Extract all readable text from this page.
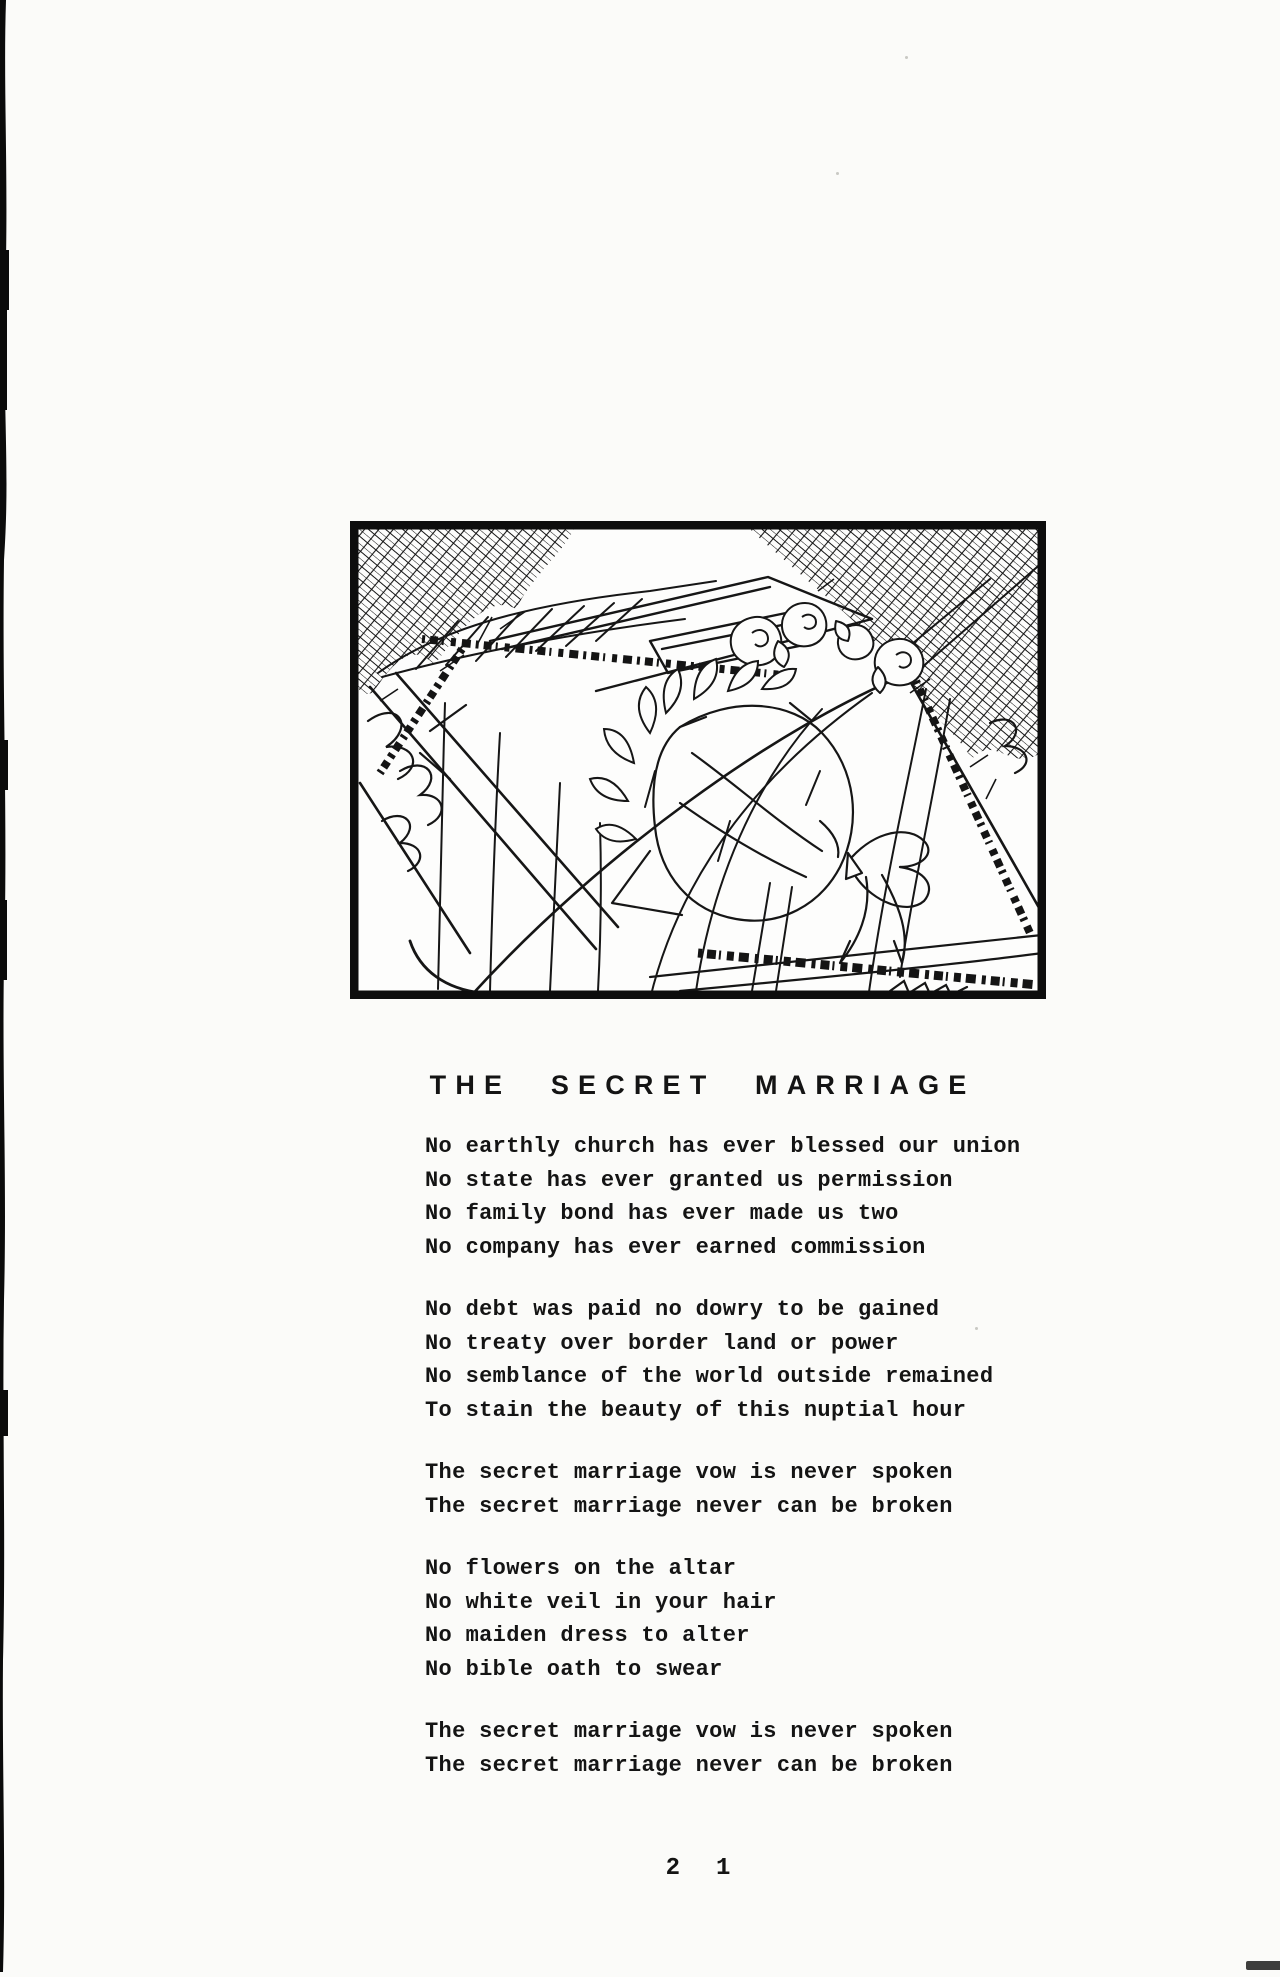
THE SECRET MARRIAGE

No earthly church has ever blessed our union
No state has ever granted us permission
No family bond has ever made us two
No company has ever earned commission

No debt was paid no dowry to be gained
No treaty over border land or power
No semblance of the world outside remained
To stain the beauty of this nuptial hour

The secret marriage vow is never spoken
The secret marriage never can be broken

No flowers on the altar
No white veil in your hair
No maiden dress to alter
No bible oath to swear

The secret marriage vow is never spoken
The secret marriage never can be broken

2 1
